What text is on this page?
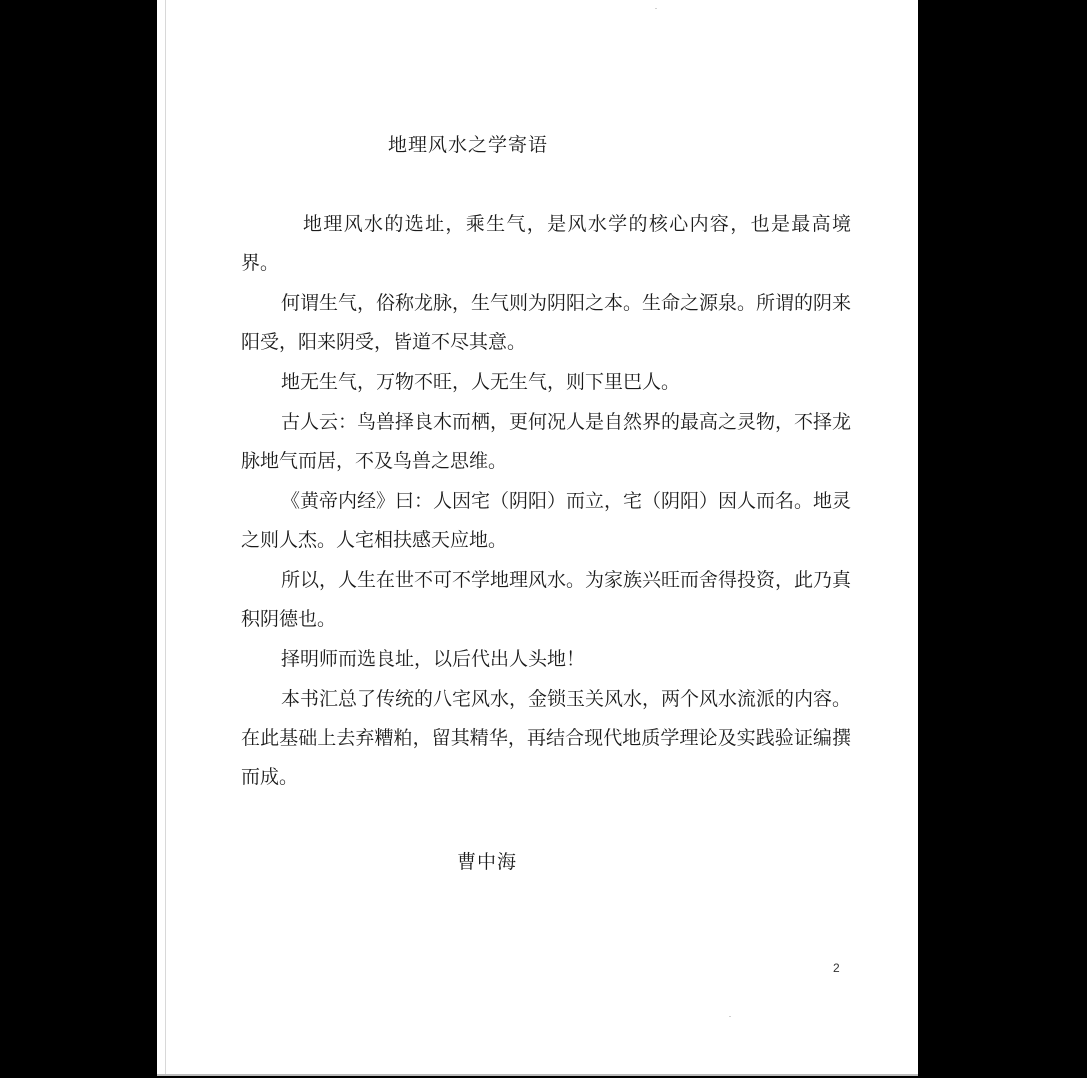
地理风水之学寄语

地理风水的选址，乘生气，是风水学的核心内容，也是最高境界。

何谓生气，俗称龙脉，生气则为阴阳之本。生命之源泉。所谓的阴来阳受，阳来阴受，皆道不尽其意。

地无生气，万物不旺，人无生气，则下里巴人。

古人云：鸟兽择良木而栖，更何况人是自然界的最高之灵物，不择龙脉地气而居，不及鸟兽之思维。

《黄帝内经》曰：人因宅（阴阳）而立，宅（阴阳）因人而名。地灵之则人杰。人宅相扶感天应地。

所以，人生在世不可不学地理风水。为家族兴旺而舍得投资，此乃真积阴德也。

择明师而选良址，以后代出人头地！

本书汇总了传统的八宅风水，金锁玉关风水，两个风水流派的内容。在此基础上去弃糟粕，留其精华，再结合现代地质学理论及实践验证编撰而成。

曹中海
2
